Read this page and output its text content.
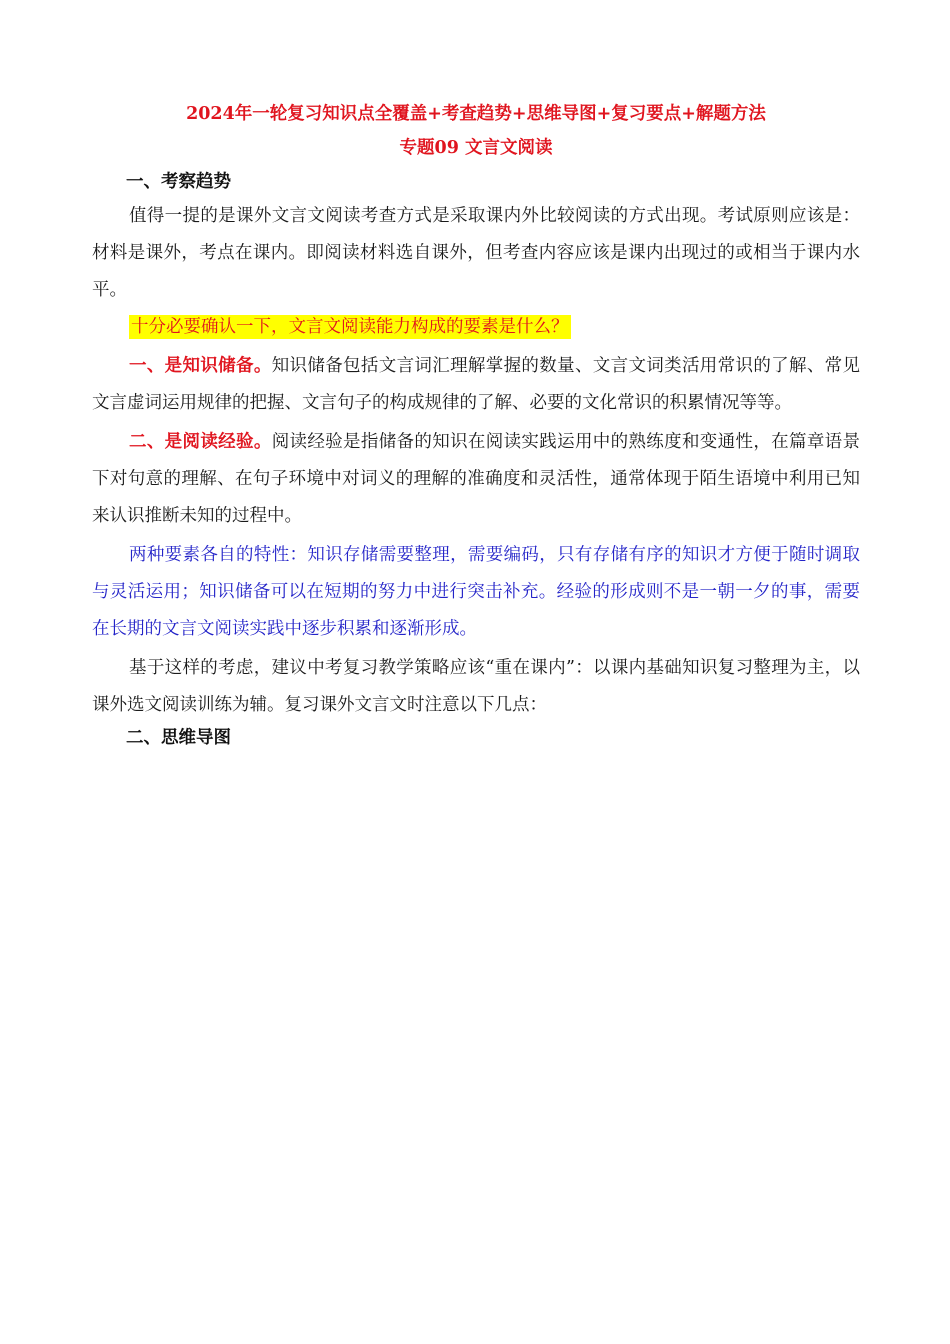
2024年一轮复习知识点全覆盖+考查趋势+思维导图+复习要点+解题方法

专题09 文言文阅读

一、考察趋势

值得一提的是课外文言文阅读考查方式是采取课内外比较阅读的方式出现。考试原则应该是：材料是课外，考点在课内。即阅读材料选自课外，但考查内容应该是课内出现过的或相当于课内水平。

十分必要确认一下，文言文阅读能力构成的要素是什么？

一、是知识储备。知识储备包括文言词汇理解掌握的数量、文言文词类活用常识的了解、常见文言虚词运用规律的把握、文言句子的构成规律的了解、必要的文化常识的积累情况等等。

二、是阅读经验。阅读经验是指储备的知识在阅读实践运用中的熟练度和变通性，在篇章语景下对句意的理解、在句子环境中对词义的理解的准确度和灵活性，通常体现于陌生语境中利用已知来认识推断未知的过程中。

两种要素各自的特性：知识存储需要整理，需要编码，只有存储有序的知识才方便于随时调取与灵活运用；知识储备可以在短期的努力中进行突击补充。经验的形成则不是一朝一夕的事，需要在长期的文言文阅读实践中逐步积累和逐渐形成。

基于这样的考虑，建议中考复习教学策略应该“重在课内”：以课内基础知识复习整理为主，以课外选文阅读训练为辅。复习课外文言文时注意以下几点：

二、思维导图
